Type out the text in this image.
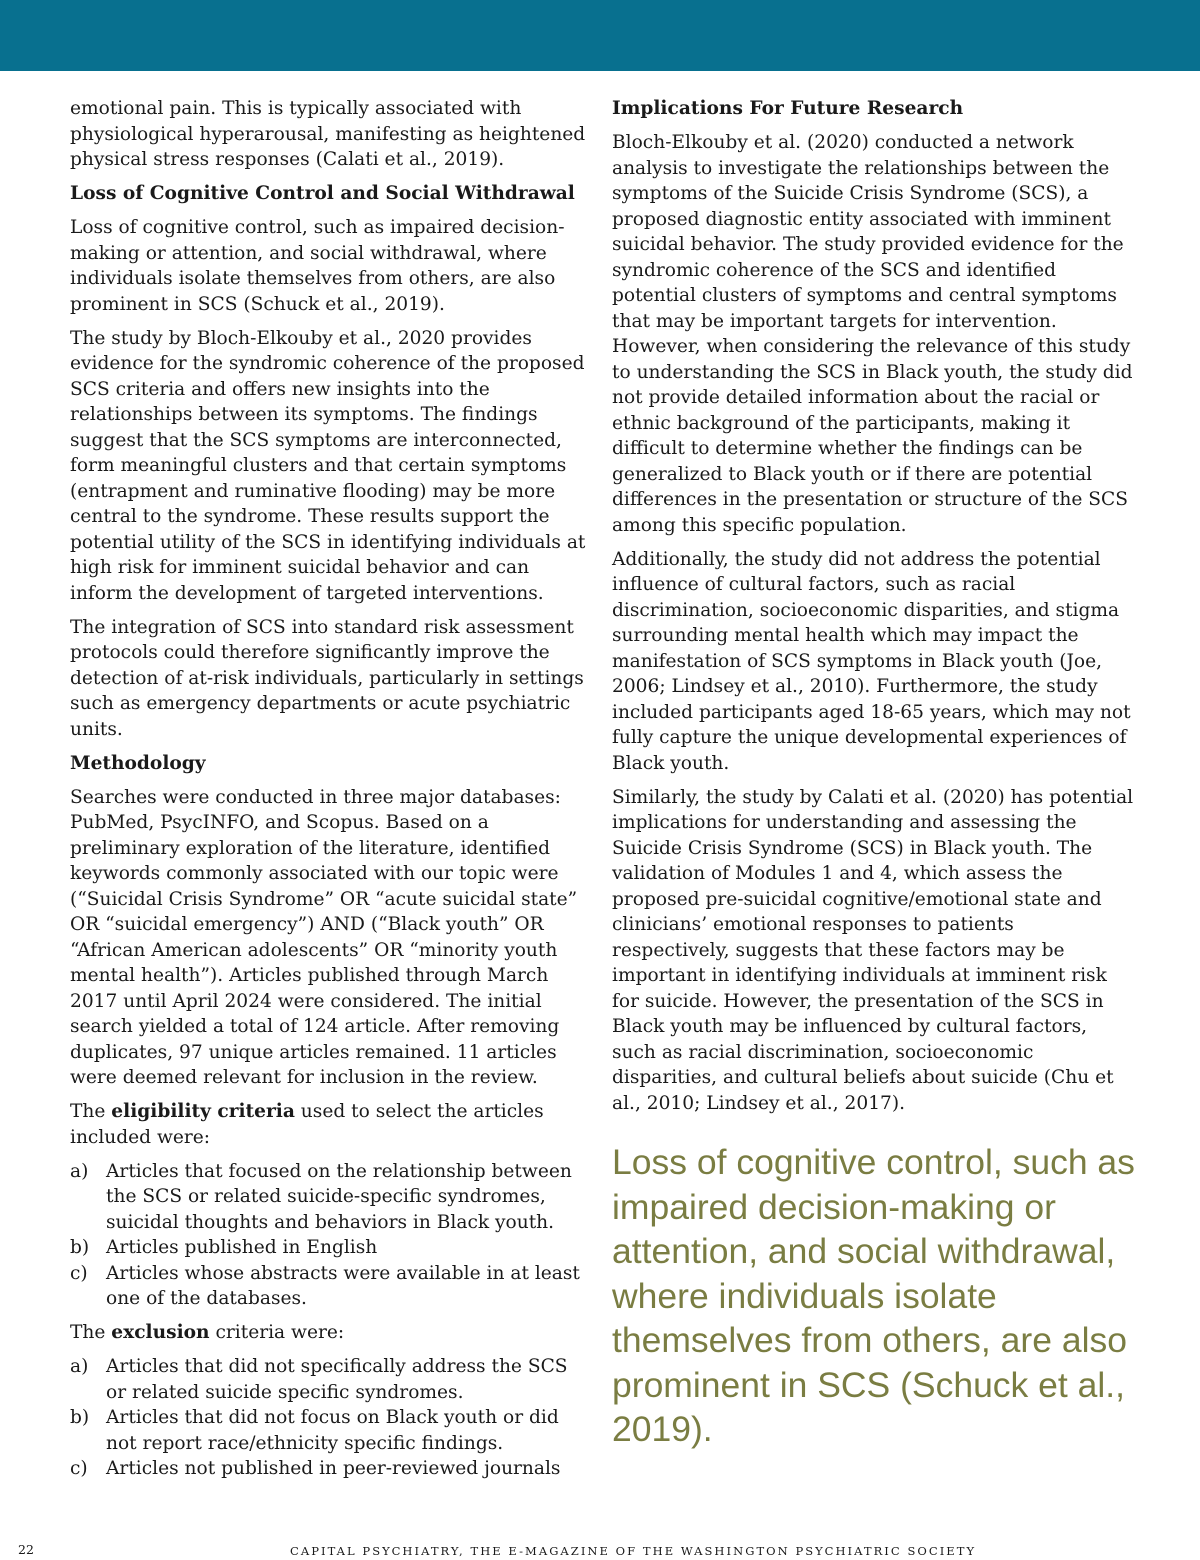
emotional pain. This is typically associated with physiological hyperarousal, manifesting as heightened physical stress responses (Calati et al., 2019).

Loss of Cognitive Control and Social Withdrawal

Loss of cognitive control, such as impaired decision-making or attention, and social withdrawal, where individuals isolate themselves from others, are also prominent in SCS (Schuck et al., 2019).

The study by Bloch-Elkouby et al., 2020 provides evidence for the syndromic coherence of the proposed SCS criteria and offers new insights into the relationships between its symptoms. The findings suggest that the SCS symptoms are interconnected, form meaningful clusters and that certain symptoms (entrapment and ruminative flooding) may be more central to the syndrome. These results support the potential utility of the SCS in identifying individuals at high risk for imminent suicidal behavior and can inform the development of targeted interventions.

The integration of SCS into standard risk assessment protocols could therefore significantly improve the detection of at-risk individuals, particularly in settings such as emergency departments or acute psychiatric units.

Methodology

Searches were conducted in three major databases: PubMed, PsycINFO, and Scopus. Based on a preliminary exploration of the literature, identified keywords commonly associated with our topic were (“Suicidal Crisis Syndrome” OR “acute suicidal state” OR “suicidal emergency”) AND (“Black youth” OR “African American adolescents” OR “minority youth mental health”). Articles published through March 2017 until April 2024 were considered. The initial search yielded a total of 124 article. After removing duplicates, 97 unique articles remained. 11 articles were deemed relevant for inclusion in the review.

The eligibility criteria used to select the articles included were:

a) Articles that focused on the relationship between the SCS or related suicide-specific syndromes, suicidal thoughts and behaviors in Black youth.
b) Articles published in English
c) Articles whose abstracts were available in at least one of the databases.

The exclusion criteria were:

a) Articles that did not specifically address the SCS or related suicide specific syndromes.
b) Articles that did not focus on Black youth or did not report race/ethnicity specific findings.
c) Articles not published in peer-reviewed journals
Implications For Future Research

Bloch-Elkouby et al. (2020) conducted a network analysis to investigate the relationships between the symptoms of the Suicide Crisis Syndrome (SCS), a proposed diagnostic entity associated with imminent suicidal behavior. The study provided evidence for the syndromic coherence of the SCS and identified potential clusters of symptoms and central symptoms that may be important targets for intervention. However, when considering the relevance of this study to understanding the SCS in Black youth, the study did not provide detailed information about the racial or ethnic background of the participants, making it difficult to determine whether the findings can be generalized to Black youth or if there are potential differences in the presentation or structure of the SCS among this specific population.

Additionally, the study did not address the potential influence of cultural factors, such as racial discrimination, socioeconomic disparities, and stigma surrounding mental health which may impact the manifestation of SCS symptoms in Black youth (Joe, 2006; Lindsey et al., 2010). Furthermore, the study included participants aged 18-65 years, which may not fully capture the unique developmental experiences of Black youth.

Similarly, the study by Calati et al. (2020) has potential implications for understanding and assessing the Suicide Crisis Syndrome (SCS) in Black youth. The validation of Modules 1 and 4, which assess the proposed pre-suicidal cognitive/emotional state and clinicians’ emotional responses to patients respectively, suggests that these factors may be important in identifying individuals at imminent risk for suicide. However, the presentation of the SCS in Black youth may be influenced by cultural factors, such as racial discrimination, socioeconomic disparities, and cultural beliefs about suicide (Chu et al., 2010; Lindsey et al., 2017).

Loss of cognitive control, such as impaired decision-making or attention, and social withdrawal, where individuals isolate themselves from others, are also prominent in SCS (Schuck et al., 2019).
22	CAPITAL PSYCHIATRY, THE E-MAGAZINE OF THE WASHINGTON PSYCHIATRIC SOCIETY
